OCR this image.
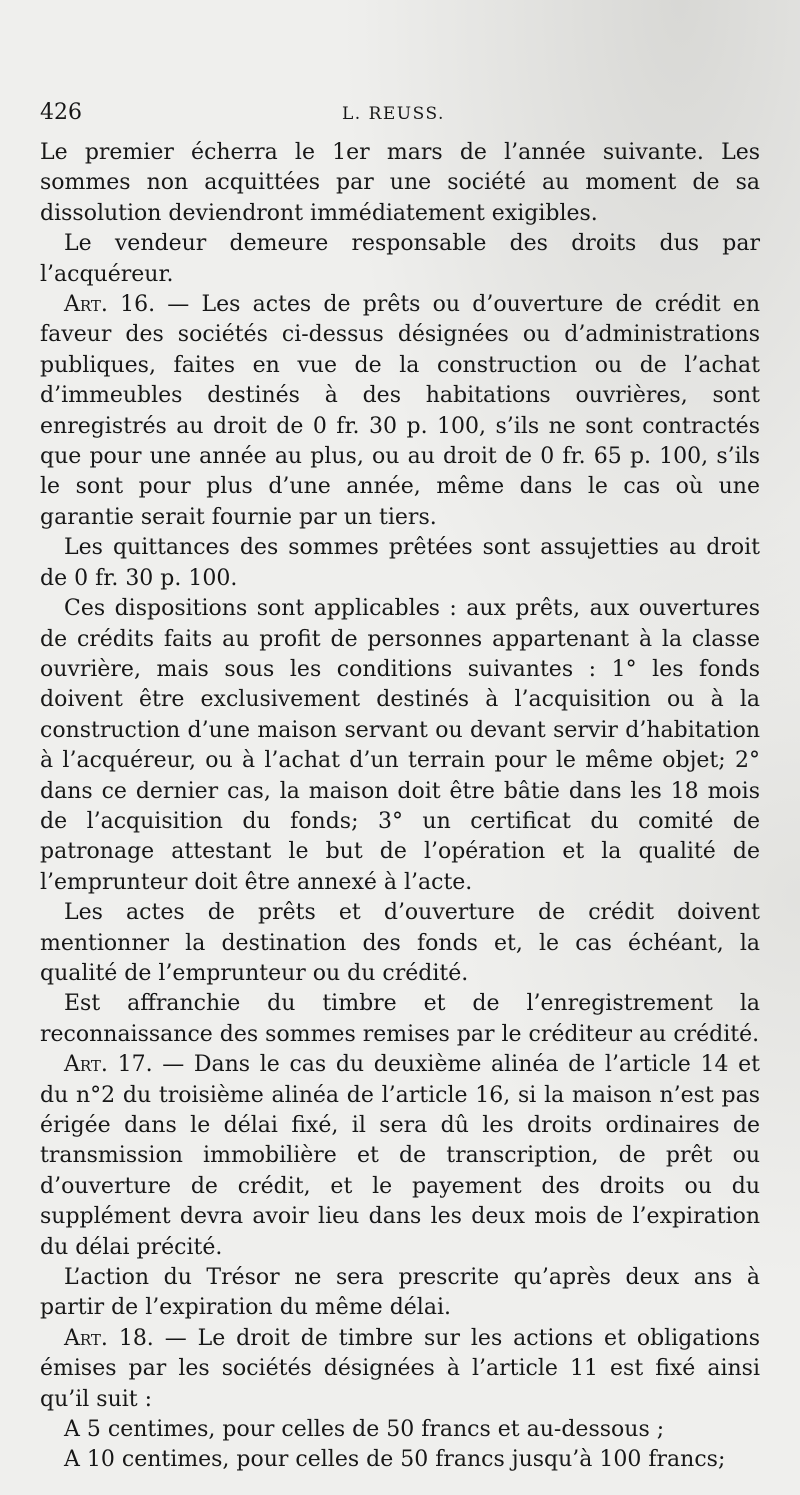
426	L. REUSS.

Le premier écherra le 1er mars de l’année suivante. Les sommes non acquittées par une société au moment de sa dissolution deviendront immédiatement exigibles.

Le vendeur demeure responsable des droits dus par l’acquéreur.

Art. 16. — Les actes de prêts ou d’ouverture de crédit en faveur des sociétés ci-dessus désignées ou d’administrations publiques, faites en vue de la construction ou de l’achat d’immeubles destinés à des habitations ouvrières, sont enregistrés au droit de 0 fr. 30 p. 100, s’ils ne sont contractés que pour une année au plus, ou au droit de 0 fr. 65 p. 100, s’ils le sont pour plus d’une année, même dans le cas où une garantie serait fournie par un tiers.

Les quittances des sommes prêtées sont assujetties au droit de 0 fr. 30 p. 100.

Ces dispositions sont applicables : aux prêts, aux ouvertures de crédits faits au profit de personnes appartenant à la classe ouvrière, mais sous les conditions suivantes : 1° les fonds doivent être exclusivement destinés à l’acquisition ou à la construction d’une maison servant ou devant servir d’habitation à l’acquéreur, ou à l’achat d’un terrain pour le même objet; 2° dans ce dernier cas, la maison doit être bâtie dans les 18 mois de l’acquisition du fonds; 3° un certificat du comité de patronage attestant le but de l’opération et la qualité de l’emprunteur doit être annexé à l’acte.

Les actes de prêts et d’ouverture de crédit doivent mentionner la destination des fonds et, le cas échéant, la qualité de l’emprunteur ou du crédité.

Est affranchie du timbre et de l’enregistrement la reconnaissance des sommes remises par le créditeur au crédité.

Art. 17. — Dans le cas du deuxième alinéa de l’article 14 et du n°2 du troisième alinéa de l’article 16, si la maison n’est pas érigée dans le délai fixé, il sera dû les droits ordinaires de transmission immobilière et de transcription, de prêt ou d’ouverture de crédit, et le payement des droits ou du supplément devra avoir lieu dans les deux mois de l’expiration du délai précité.

L’action du Trésor ne sera prescrite qu’après deux ans à partir de l’expiration du même délai.

Art. 18. — Le droit de timbre sur les actions et obligations émises par les sociétés désignées à l’article 11 est fixé ainsi qu’il suit :

A 5 centimes, pour celles de 50 francs et au-dessous ;

A 10 centimes, pour celles de 50 francs jusqu’à 100 francs;
